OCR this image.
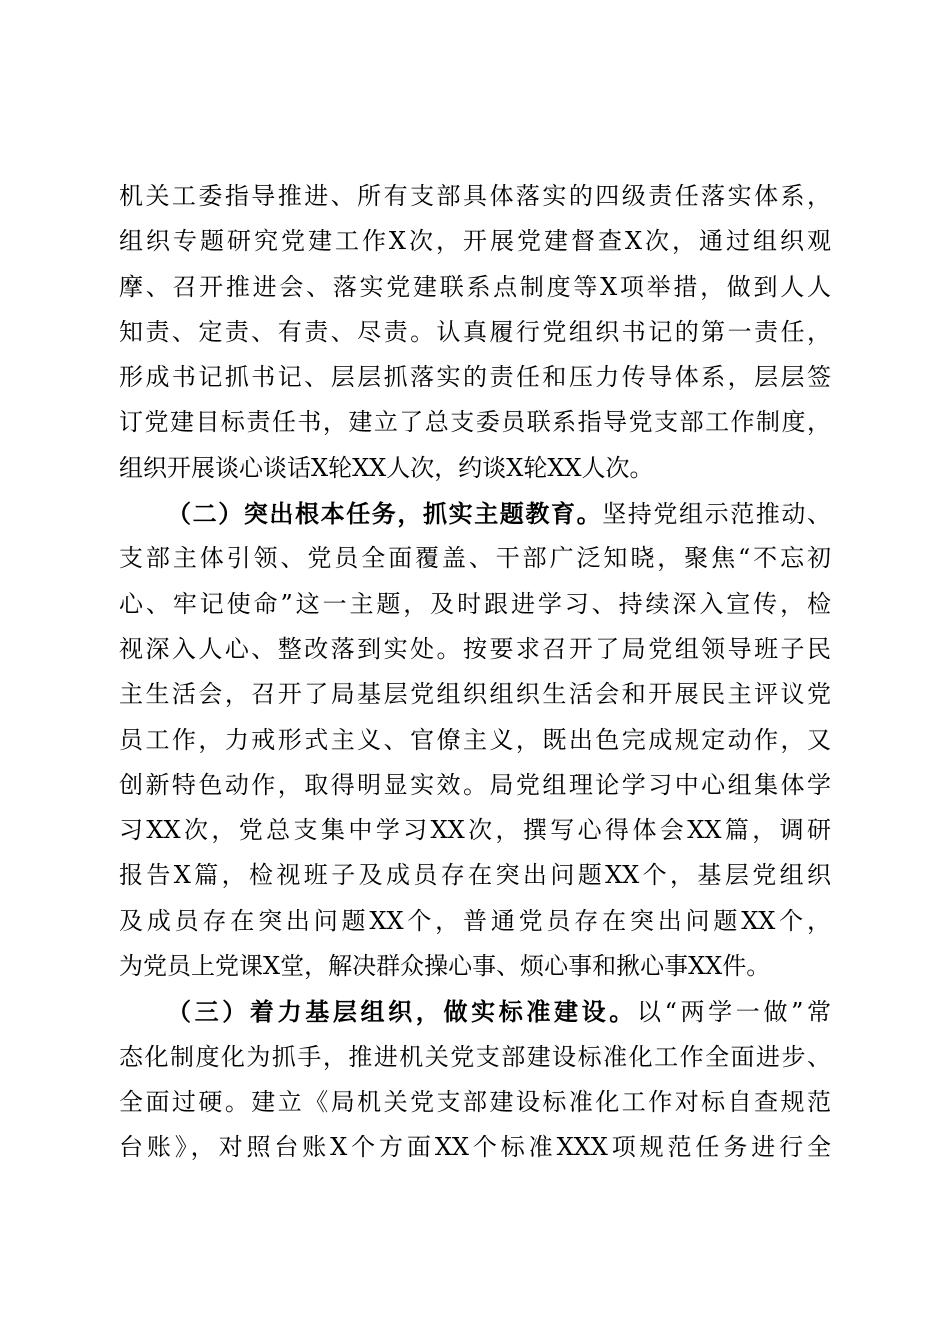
机关工委指导推进、所有支部具体落实的四级责任落实体系，
组织专题研究党建工作X次，开展党建督查X次，通过组织观
摩、召开推进会、落实党建联系点制度等X项举措，做到人人
知责、定责、有责、尽责。认真履行党组织书记的第一责任，
形成书记抓书记、层层抓落实的责任和压力传导体系，层层签
订党建目标责任书，建立了总支委员联系指导党支部工作制度，
组织开展谈心谈话X轮XX人次，约谈X轮XX人次。
（二）突出根本任务，抓实主题教育。坚持党组示范推动、
支部主体引领、党员全面覆盖、干部广泛知晓，聚焦“不忘初
心、牢记使命”这一主题，及时跟进学习、持续深入宣传，检
视深入人心、整改落到实处。按要求召开了局党组领导班子民
主生活会，召开了局基层党组织组织生活会和开展民主评议党
员工作，力戒形式主义、官僚主义，既出色完成规定动作，又
创新特色动作，取得明显实效。局党组理论学习中心组集体学
习XX次，党总支集中学习XX次，撰写心得体会XX篇，调研
报告X篇，检视班子及成员存在突出问题XX个，基层党组织
及成员存在突出问题XX个，普通党员存在突出问题XX个，
为党员上党课X堂，解决群众操心事、烦心事和揪心事XX件。
（三）着力基层组织，做实标准建设。以“两学一做”常
态化制度化为抓手，推进机关党支部建设标准化工作全面进步、
全面过硬。建立《局机关党支部建设标准化工作对标自查规范
台账》，对照台账X个方面XX个标准XXX项规范任务进行全
